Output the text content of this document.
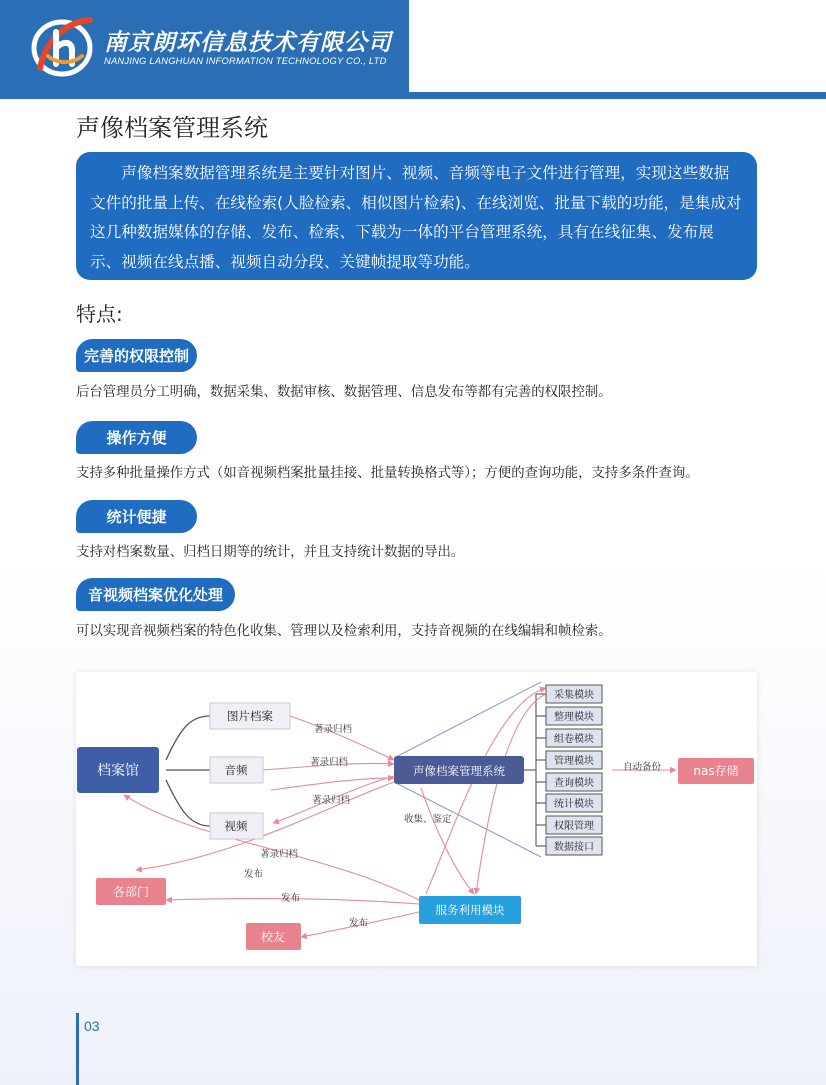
南京朗环信息技术有限公司
NANJING LANGHUAN INFORMATION TECHNOLOGY CO., LTD
声像档案管理系统

声像档案数据管理系统是主要针对图片、视频、音频等电子文件进行管理，实现这些数据文件的批量上传、在线检索(人脸检索、相似图片检索)、在线浏览、批量下载的功能，是集成对这几种数据媒体的存储、发布、检索、下载为一体的平台管理系统，具有在线征集、发布展示、视频在线点播、视频自动分段、关键帧提取等功能。

特点:
完善的权限控制
后台管理员分工明确，数据采集、数据审核、数据管理、信息发布等都有完善的权限控制。
操作方便
支持多种批量操作方式（如音视频档案批量挂接、批量转换格式等）；方便的查询功能，支持多条件查询。
统计便捷
支持对档案数量、归档日期等的统计，并且支持统计数据的导出。
音视频档案优化处理
可以实现音视频档案的特色化收集、管理以及检索利用，支持音视频的在线编辑和帧检索。
著录归档
著录归档
著录归档
著录归档
收集、鉴定
自动备份
发布
发布
发布
档案馆
图片档案
音频
视频
声像档案管理系统
采集模块
整理模块
组卷模块
管理模块
查询模块
统计模块
权限管理
数据接口
nas存储
服务利用模块
各部门
校友
03
